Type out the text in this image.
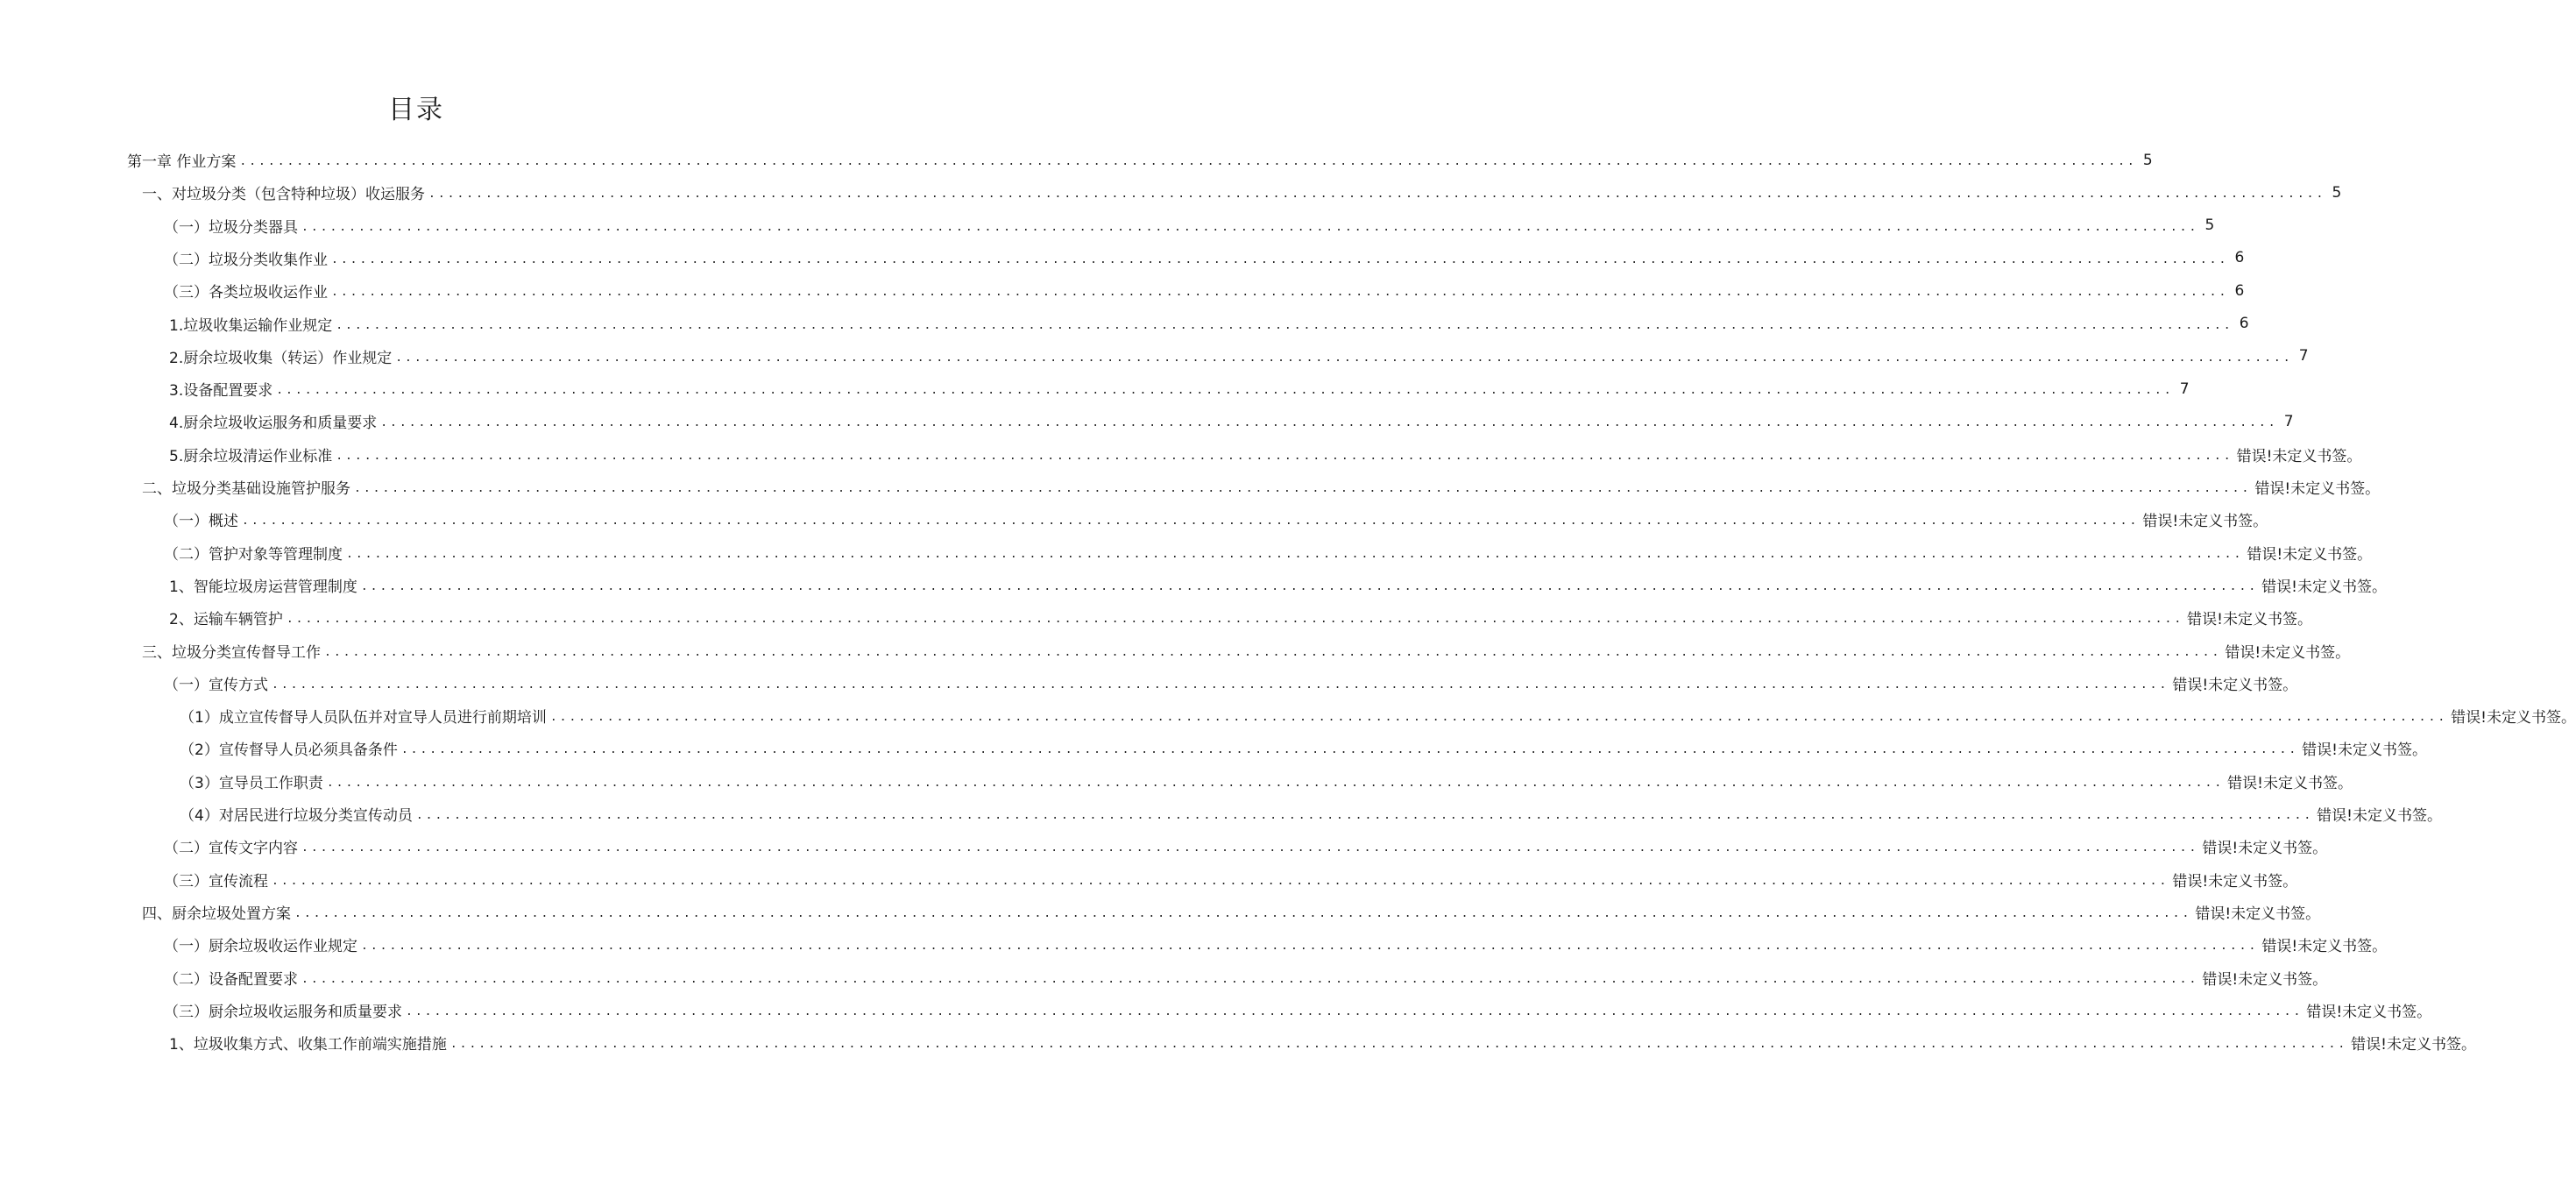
目录
第一章 作业方案 ........................................................................................................................................................................................................ 5
一、对垃圾分类（包含特种垃圾）收运服务 ........................................................................................................................................................................................................ 5
（一）垃圾分类器具 ........................................................................................................................................................................................................ 5
（二）垃圾分类收集作业 ........................................................................................................................................................................................................ 6
（三）各类垃圾收运作业 ........................................................................................................................................................................................................ 6
1.垃圾收集运输作业规定 ........................................................................................................................................................................................................ 6
2.厨余垃圾收集（转运）作业规定 ........................................................................................................................................................................................................ 7
3.设备配置要求 ........................................................................................................................................................................................................ 7
4.厨余垃圾收运服务和质量要求 ........................................................................................................................................................................................................ 7
5.厨余垃圾清运作业标准 ........................................................................................................................................................................................................ 错误!未定义书签。
二、垃圾分类基础设施管护服务 ........................................................................................................................................................................................................ 错误!未定义书签。
（一）概述 ........................................................................................................................................................................................................ 错误!未定义书签。
（二）管护对象等管理制度 ........................................................................................................................................................................................................ 错误!未定义书签。
1、智能垃圾房运营管理制度 ........................................................................................................................................................................................................ 错误!未定义书签。
2、运输车辆管护 ........................................................................................................................................................................................................ 错误!未定义书签。
三、垃圾分类宣传督导工作 ........................................................................................................................................................................................................ 错误!未定义书签。
（一）宣传方式 ........................................................................................................................................................................................................ 错误!未定义书签。
（1）成立宣传督导人员队伍并对宣导人员进行前期培训 ........................................................................................................................................................................................................ 错误!未定义书签。
（2）宣传督导人员必须具备条件 ........................................................................................................................................................................................................ 错误!未定义书签。
（3）宣导员工作职责 ........................................................................................................................................................................................................ 错误!未定义书签。
（4）对居民进行垃圾分类宣传动员 ........................................................................................................................................................................................................ 错误!未定义书签。
（二）宣传文字内容 ........................................................................................................................................................................................................ 错误!未定义书签。
（三）宣传流程 ........................................................................................................................................................................................................ 错误!未定义书签。
四、厨余垃圾处置方案 ........................................................................................................................................................................................................ 错误!未定义书签。
（一）厨余垃圾收运作业规定 ........................................................................................................................................................................................................ 错误!未定义书签。
（二）设备配置要求 ........................................................................................................................................................................................................ 错误!未定义书签。
（三）厨余垃圾收运服务和质量要求 ........................................................................................................................................................................................................ 错误!未定义书签。
1、垃圾收集方式、收集工作前端实施措施 ........................................................................................................................................................................................................ 错误!未定义书签。
